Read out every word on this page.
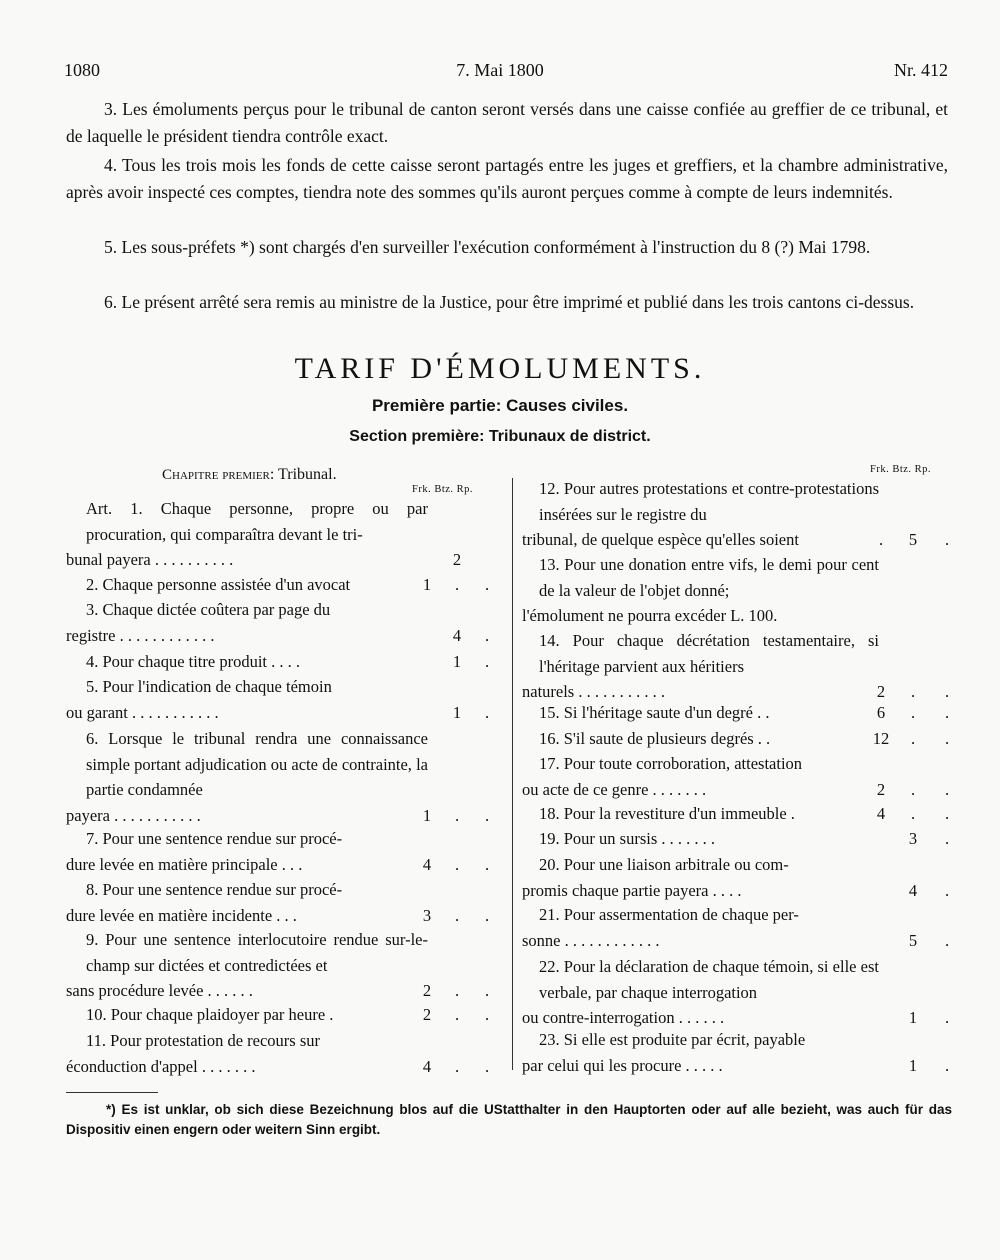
1080	7. Mai 1800	Nr. 412
3. Les émoluments perçus pour le tribunal de canton seront versés dans une caisse confiée au greffier de ce tribunal, et de laquelle le président tiendra contrôle exact.
4. Tous les trois mois les fonds de cette caisse seront partagés entre les juges et greffiers, et la chambre administrative, après avoir inspecté ces comptes, tiendra note des sommes qu'ils auront perçues comme à compte de leurs indemnités.
5. Les sous-préfets *) sont chargés d'en surveiller l'exécution conformément à l'instruction du 8 (?) Mai 1798.
6. Le présent arrêté sera remis au ministre de la Justice, pour être imprimé et publié dans les trois cantons ci-dessus.
TARIF D'ÉMOLUMENTS.
Première partie: Causes civiles.
Section première: Tribunaux de district.
Chapitre premier: Tribunal.
Frk. Btz. Rp.
Frk. Btz. Rp.
Art. 1. Chaque personne, propre ou par procuration, qui comparaîtra devant le tri-
bunal payera . . . . . . . . . .	2
2. Chaque personne assistée d'un avocat	1	.	.
3. Chaque dictée coûtera par page du
registre . . . . . . . . . . . .	4	.
4. Pour chaque titre produit . . . .	1	.
5. Pour l'indication de chaque témoin
ou garant . . . . . . . . . . .	1	.
6. Lorsque le tribunal rendra une connaissance simple portant adjudication ou acte de contrainte, la partie condamnée
payera . . . . . . . . . . .	1	.	.
7. Pour une sentence rendue sur procé-
dure levée en matière principale . . .	4	.	.
8. Pour une sentence rendue sur procé-
dure levée en matière incidente . . .	3	.	.
9. Pour une sentence interlocutoire rendue sur-le-champ sur dictées et contredictées et
sans procédure levée . . . . . .	2	.	.
10. Pour chaque plaidoyer par heure .	2	.	.
11. Pour protestation de recours sur
éconduction d'appel . . . . . . .	4	.	.
12. Pour autres protestations et contre-protestations insérées sur le registre du
tribunal, de quelque espèce qu'elles soient	.	5	.
13. Pour une donation entre vifs, le demi pour cent de la valeur de l'objet donné;
l'émolument ne pourra excéder L. 100.
14. Pour chaque décrétation testamentaire, si l'héritage parvient aux héritiers
naturels . . . . . . . . . . .	2	.	.
15. Si l'héritage saute d'un degré . .	6	.	.
16. S'il saute de plusieurs degrés . .	12	.	.
17. Pour toute corroboration, attestation
ou acte de ce genre . . . . . . .	2	.	.
18. Pour la revestiture d'un immeuble .	4	.	.
19. Pour un sursis . . . . . . .	3	.
20. Pour une liaison arbitrale ou com-
promis chaque partie payera . . . .	4	.
21. Pour assermentation de chaque per-
sonne . . . . . . . . . . . .	5	.
22. Pour la déclaration de chaque témoin, si elle est verbale, par chaque interrogation
ou contre-interrogation . . . . . .	1	.
23. Si elle est produite par écrit, payable
par celui qui les procure . . . . .	1	.
*) Es ist unklar, ob sich diese Bezeichnung blos auf die UStatthalter in den Hauptorten oder auf alle bezieht, was auch für das Dispositiv einen engern oder weitern Sinn ergibt.
